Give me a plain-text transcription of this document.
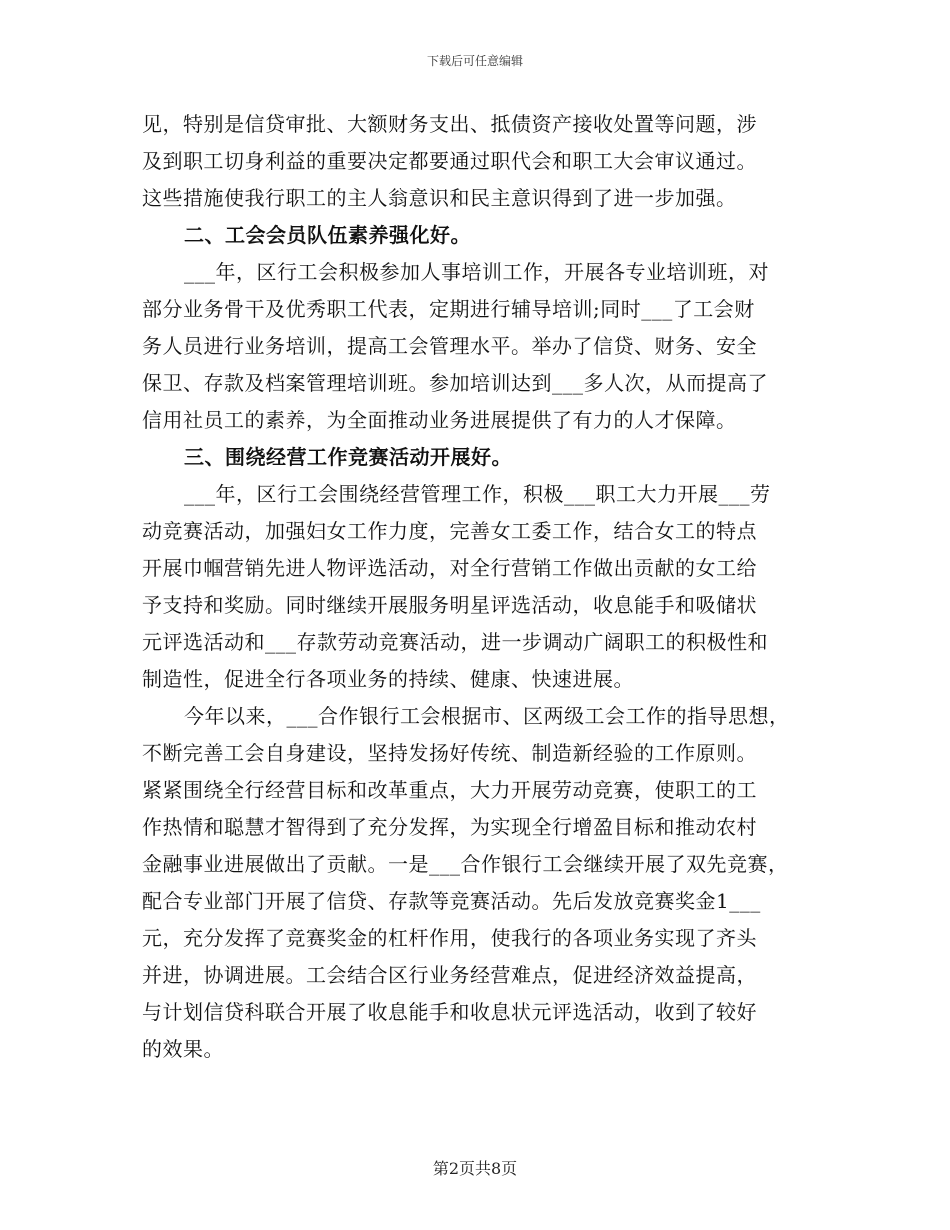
下载后可任意编辑
见，特别是信贷审批、大额财务支出、抵债资产接收处置等问题，涉
及到职工切身利益的重要决定都要通过职代会和职工大会审议通过。
这些措施使我行职工的主人翁意识和民主意识得到了进一步加强。
二、工会会员队伍素养强化好。
___年，区行工会积极参加人事培训工作，开展各专业培训班，对
部分业务骨干及优秀职工代表，定期进行辅导培训;同时___了工会财
务人员进行业务培训，提高工会管理水平。举办了信贷、财务、安全
保卫、存款及档案管理培训班。参加培训达到___多人次，从而提高了
信用社员工的素养，为全面推动业务进展提供了有力的人才保障。
三、围绕经营工作竞赛活动开展好。
___年，区行工会围绕经营管理工作，积极___职工大力开展___劳
动竞赛活动，加强妇女工作力度，完善女工委工作，结合女工的特点
开展巾帼营销先进人物评选活动，对全行营销工作做出贡献的女工给
予支持和奖励。同时继续开展服务明星评选活动，收息能手和吸储状
元评选活动和___存款劳动竞赛活动，进一步调动广阔职工的积极性和
制造性，促进全行各项业务的持续、健康、快速进展。
今年以来，___合作银行工会根据市、区两级工会工作的指导思想，
不断完善工会自身建设，坚持发扬好传统、制造新经验的工作原则。
紧紧围绕全行经营目标和改革重点，大力开展劳动竞赛，使职工的工
作热情和聪慧才智得到了充分发挥，为实现全行增盈目标和推动农村
金融事业进展做出了贡献。一是___合作银行工会继续开展了双先竞赛，
配合专业部门开展了信贷、存款等竞赛活动。先后发放竞赛奖金1___
元，充分发挥了竞赛奖金的杠杆作用，使我行的各项业务实现了齐头
并进，协调进展。工会结合区行业务经营难点，促进经济效益提高，
与计划信贷科联合开展了收息能手和收息状元评选活动，收到了较好
的效果。
第2页共8页
